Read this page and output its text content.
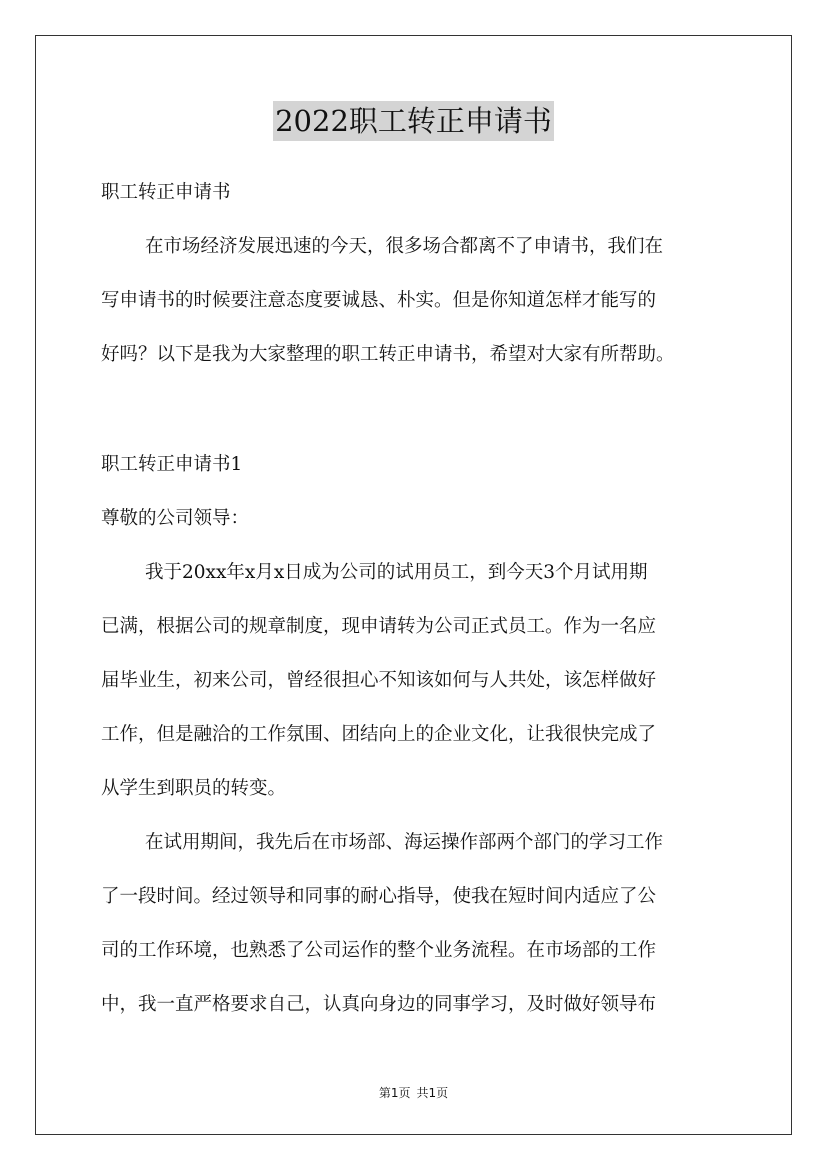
2022职工转正申请书
职工转正申请书
在市场经济发展迅速的今天，很多场合都离不了申请书，我们在
写申请书的时候要注意态度要诚恳、朴实。但是你知道怎样才能写的
好吗？以下是我为大家整理的职工转正申请书，希望对大家有所帮助。
职工转正申请书1
尊敬的公司领导：
我于20xx年x月x日成为公司的试用员工，到今天3个月试用期
已满，根据公司的规章制度，现申请转为公司正式员工。作为一名应
届毕业生，初来公司，曾经很担心不知该如何与人共处，该怎样做好
工作，但是融洽的工作氛围、团结向上的企业文化，让我很快完成了
从学生到职员的转变。
在试用期间，我先后在市场部、海运操作部两个部门的学习工作
了一段时间。经过领导和同事的耐心指导，使我在短时间内适应了公
司的工作环境，也熟悉了公司运作的整个业务流程。在市场部的工作
中，我一直严格要求自己，认真向身边的同事学习，及时做好领导布
第1页 共1页
